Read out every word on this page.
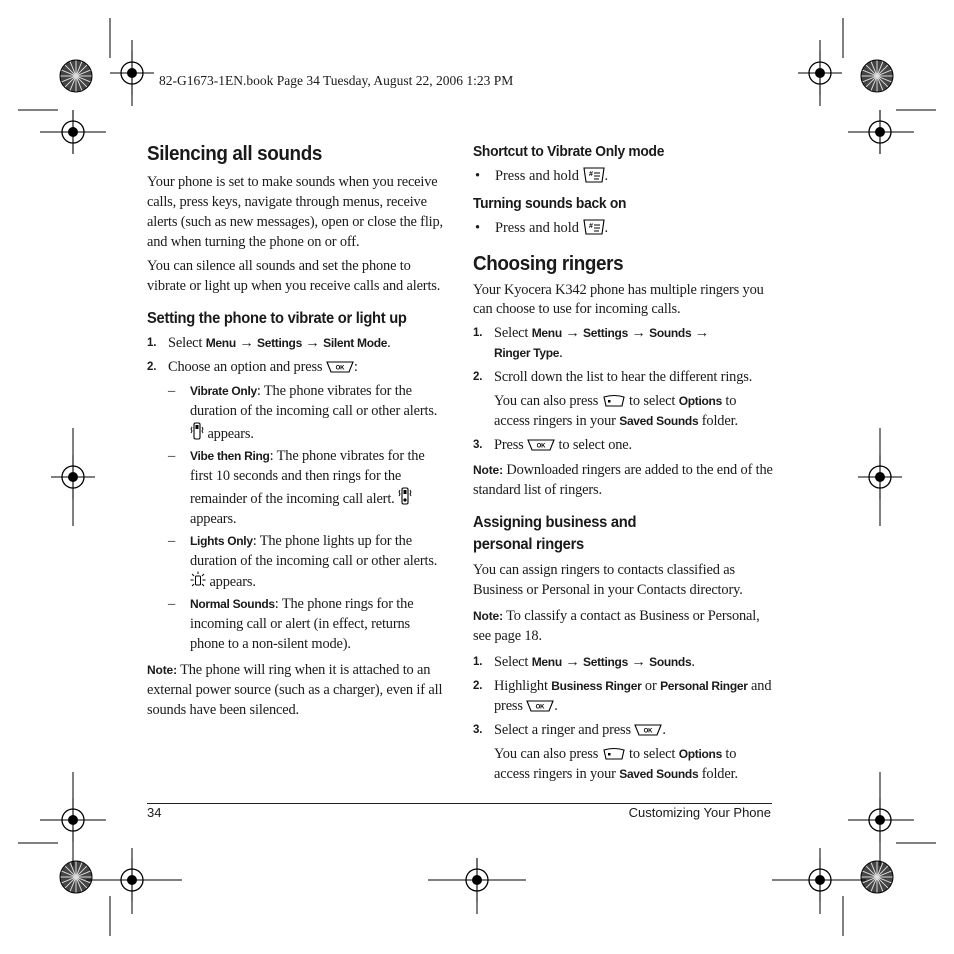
82-G1673-1EN.book Page 34 Tuesday, August 22, 2006 1:23 PM
Silencing all sounds

Your phone is set to make sounds when you receive calls, press keys, navigate through menus, receive alerts (such as new messages), open or close the flip, and when turning the phone on or off.

You can silence all sounds and set the phone to vibrate or light up when you receive calls and alerts.

Setting the phone to vibrate or light up
1. Select Menu → Settings → Silent Mode.
2. Choose an option and press OK :
– Vibrate Only: The phone vibrates for the duration of the incoming call or other alerts.  appears.
– Vibe then Ring: The phone vibrates for the first 10 seconds and then rings for the remainder of the incoming call alert.  appears.
– Lights Only: The phone lights up for the duration of the incoming call or other alerts.  appears.
– Normal Sounds: The phone rings for the incoming call or alert (in effect, returns phone to a non-silent mode).

Note: The phone will ring when it is attached to an external power source (such as a charger), even if all sounds have been silenced.

Shortcut to Vibrate Only mode
• Press and hold # .
Turning sounds back on
• Press and hold # .
Choosing ringers

Your Kyocera K342 phone has multiple ringers you can choose to use for incoming calls.

1. Select Menu → Settings → Sounds →
Ringer Type.
2. Scroll down the list to hear the different rings.

You can also press  to select Options to access ringers in your Saved Sounds folder.

3. Press OK to select one.

Note: Downloaded ringers are added to the end of the standard list of ringers.

Assigning business and
personal ringers

You can assign ringers to contacts classified as Business or Personal in your Contacts directory.

Note: To classify a contact as Business or Personal, see page 18.

1. Select Menu → Settings → Sounds.
2. Highlight Business Ringer or Personal Ringer and press OK .
3. Select a ringer and press OK .

You can also press  to select Options to access ringers in your Saved Sounds folder.

34	Customizing Your Phone
